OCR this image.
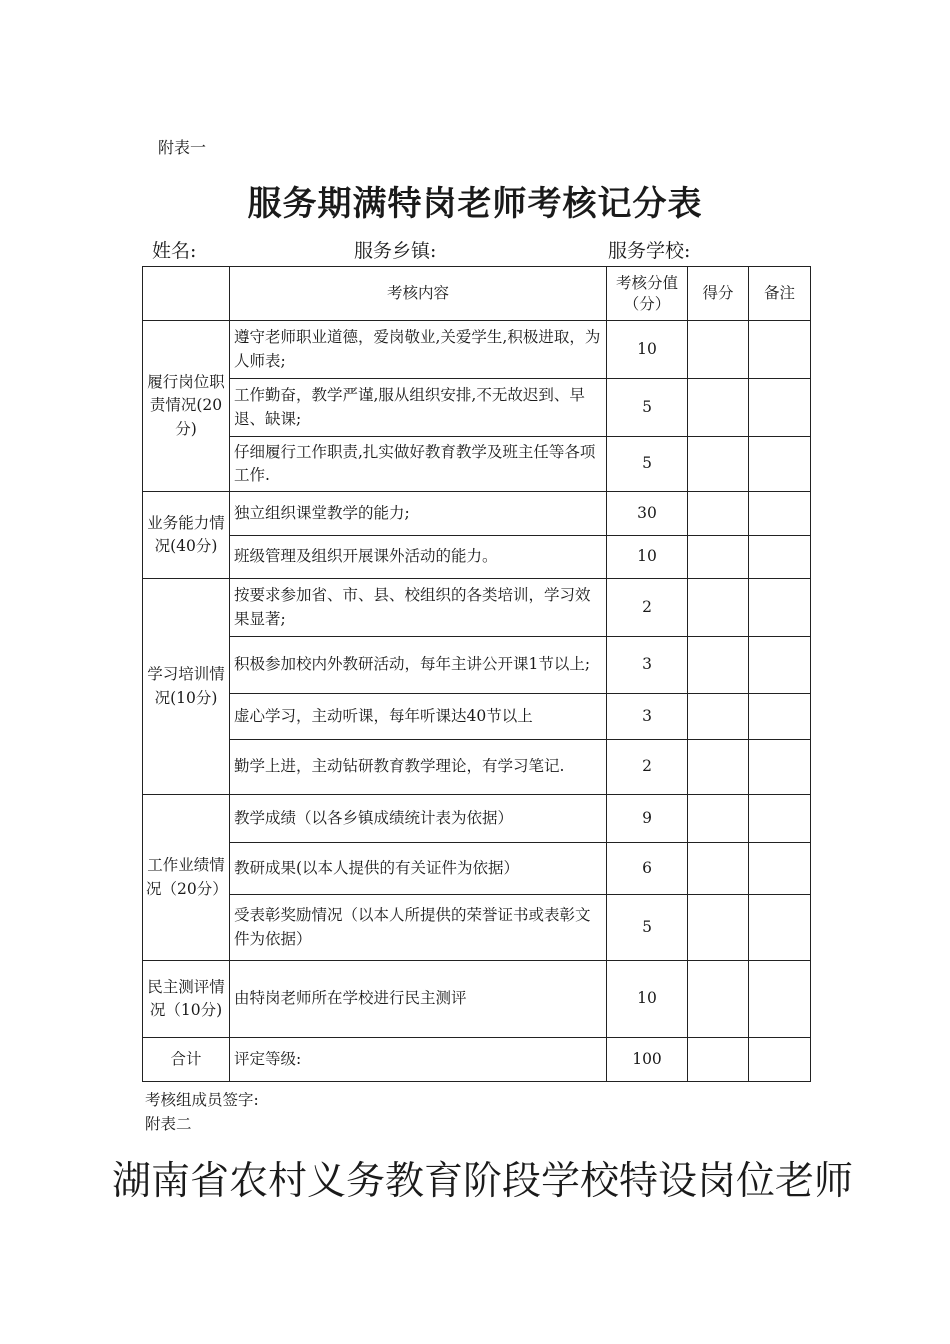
附表一
服务期满特岗老师考核记分表
姓名:	服务乡镇:	服务学校:
	考核内容	考核分值（分）	得分	备注
履行岗位职责情况(20分)	遵守老师职业道德，爱岗敬业,关爱学生,积极进取，为人师表;	10		
	工作勤奋，教学严谨,服从组织安排,不无故迟到、早退、缺课;	5		
	仔细履行工作职责,扎实做好教育教学及班主任等各项工作.	5		
业务能力情况(40分)	独立组织课堂教学的能力;	30		
	班级管理及组织开展课外活动的能力。	10		
学习培训情况(10分)	按要求参加省、市、县、校组织的各类培训，学习效果显著;	2		
	积极参加校内外教研活动，每年主讲公开课1节以上;	3		
	虚心学习，主动听课，每年听课达40节以上	3		
	勤学上进，主动钻研教育教学理论，有学习笔记.	2		
工作业绩情况（20分）	教学成绩（以各乡镇成绩统计表为依据）	9		
	教研成果(以本人提供的有关证件为依据）	6		
	受表彰奖励情况（以本人所提供的荣誉证书或表彰文件为依据）	5		
民主测评情况（10分)	由特岗老师所在学校进行民主测评	10		
合计	评定等级:	100		
考核组成员签字:
附表二
湖南省农村义务教育阶段学校特设岗位老师
